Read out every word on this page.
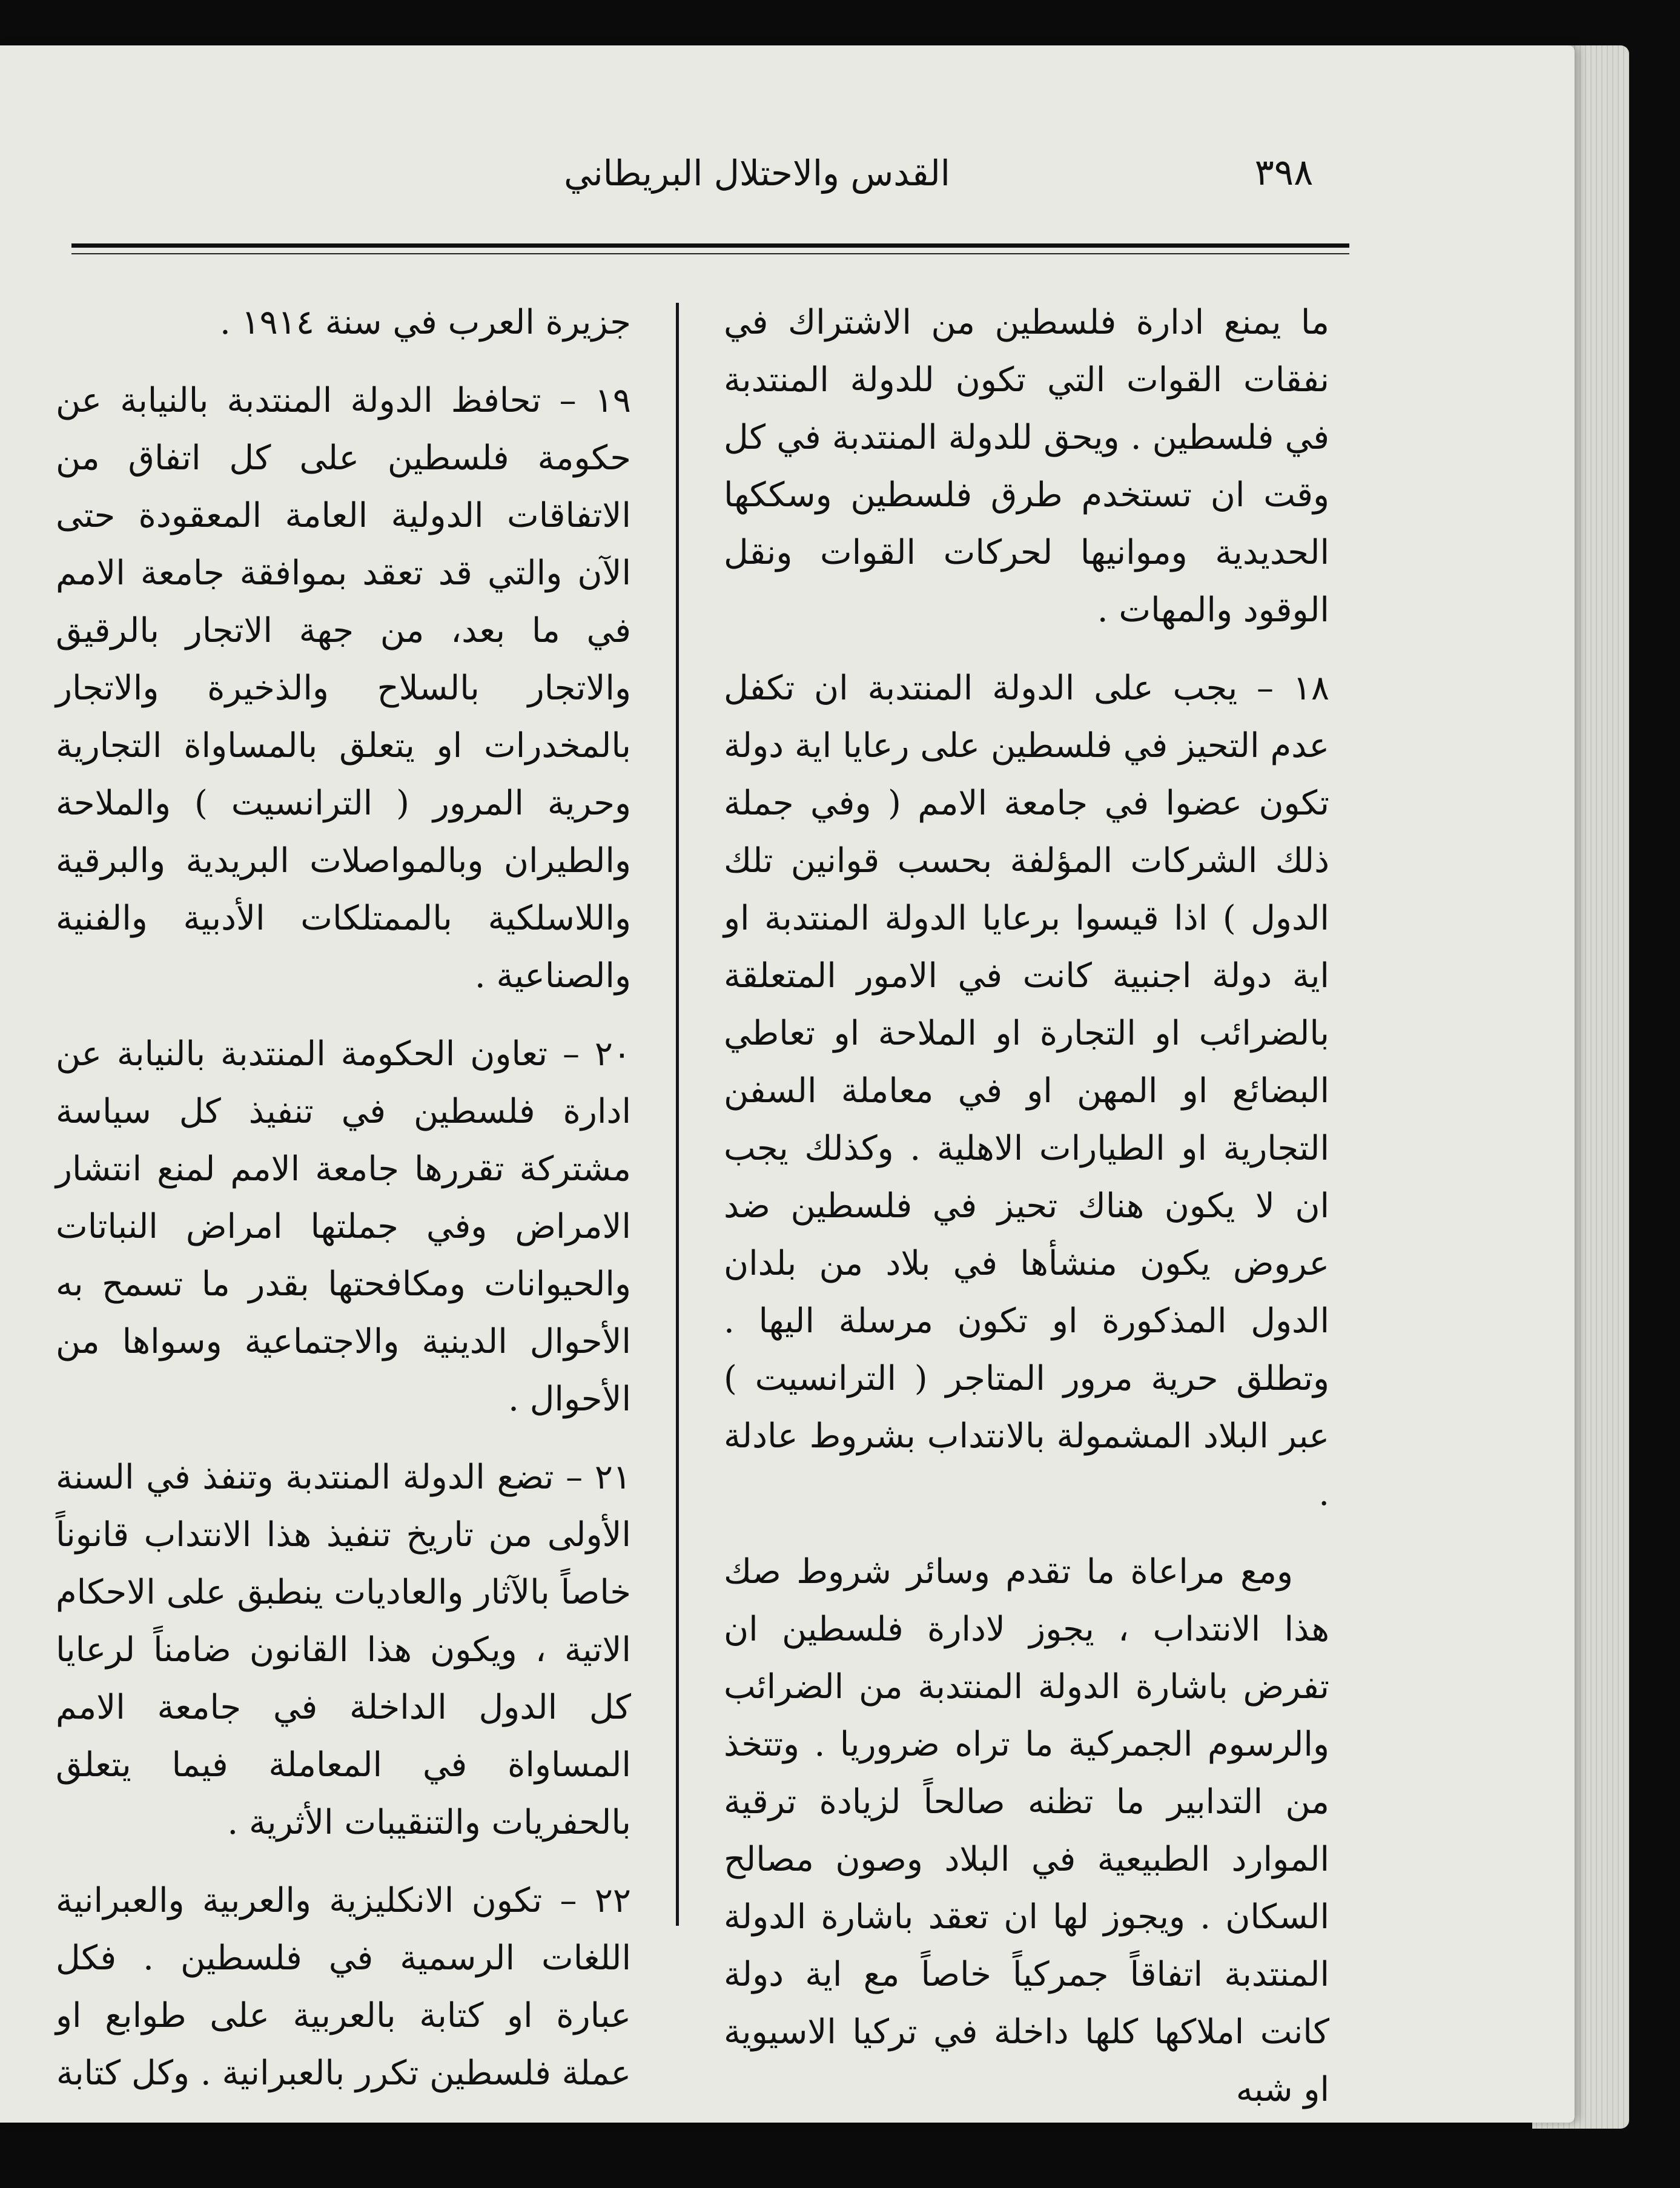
القدس والاحتلال البريطاني	٣٩٨

ما يمنع ادارة فلسطين من الاشتراك في نفقات القوات التي تكون للدولة المنتدبة في فلسطين . ويحق للدولة المنتدبة في كل وقت ان تستخدم طرق فلسطين وسككها الحديدية وموانيها لحركات القوات ونقل الوقود والمهات .

١٨ – يجب على الدولة المنتدبة ان تكفل عدم التحيز في فلسطين على رعايا اية دولة تكون عضوا في جامعة الامم ( وفي جملة ذلك الشركات المؤلفة بحسب قوانين تلك الدول ) اذا قيسوا برعايا الدولة المنتدبة او اية دولة اجنبية كانت في الامور المتعلقة بالضرائب او التجارة او الملاحة او تعاطي البضائع او المهن او في معاملة السفن التجارية او الطيارات الاهلية . وكذلك يجب ان لا يكون هناك تحيز في فلسطين ضد عروض يكون منشأها في بلاد من بلدان الدول المذكورة او تكون مرسلة اليها . وتطلق حرية مرور المتاجر ( الترانسيت ) عبر البلاد المشمولة بالانتداب بشروط عادلة .

ومع مراعاة ما تقدم وسائر شروط صك هذا الانتداب ، يجوز لادارة فلسطين ان تفرض باشارة الدولة المنتدبة من الضرائب والرسوم الجمركية ما تراه ضروريا . وتتخذ من التدابير ما تظنه صالحاً لزيادة ترقية الموارد الطبيعية في البلاد وصون مصالح السكان . ويجوز لها ان تعقد باشارة الدولة المنتدبة اتفاقاً جمركياً خاصاً مع اية دولة كانت املاكها كلها داخلة في تركيا الاسيوية او شبه

جزيرة العرب في سنة ١٩١٤ .

١٩ – تحافظ الدولة المنتدبة بالنيابة عن حكومة فلسطين على كل اتفاق من الاتفاقات الدولية العامة المعقودة حتى الآن والتي قد تعقد بموافقة جامعة الامم في ما بعد، من جهة الاتجار بالرقيق والاتجار بالسلاح والذخيرة والاتجار بالمخدرات او يتعلق بالمساواة التجارية وحرية المرور ( الترانسيت ) والملاحة والطيران وبالمواصلات البريدية والبرقية واللاسلكية بالممتلكات الأدبية والفنية والصناعية .

٢٠ – تعاون الحكومة المنتدبة بالنيابة عن ادارة فلسطين في تنفيذ كل سياسة مشتركة تقررها جامعة الامم لمنع انتشار الامراض وفي جملتها امراض النباتات والحيوانات ومكافحتها بقدر ما تسمح به الأحوال الدينية والاجتماعية وسواها من الأحوال .

٢١ – تضع الدولة المنتدبة وتنفذ في السنة الأولى من تاريخ تنفيذ هذا الانتداب قانوناً خاصاً بالآثار والعاديات ينطبق على الاحكام الاتية ، ويكون هذا القانون ضامناً لرعايا كل الدول الداخلة في جامعة الامم المساواة في المعاملة فيما يتعلق بالحفريات والتنقيبات الأثرية .

٢٢ – تكون الانكليزية والعربية والعبرانية اللغات الرسمية في فلسطين . فكل عبارة او كتابة بالعربية على طوابع او عملة فلسطين تكرر بالعبرانية . وكل كتابة
